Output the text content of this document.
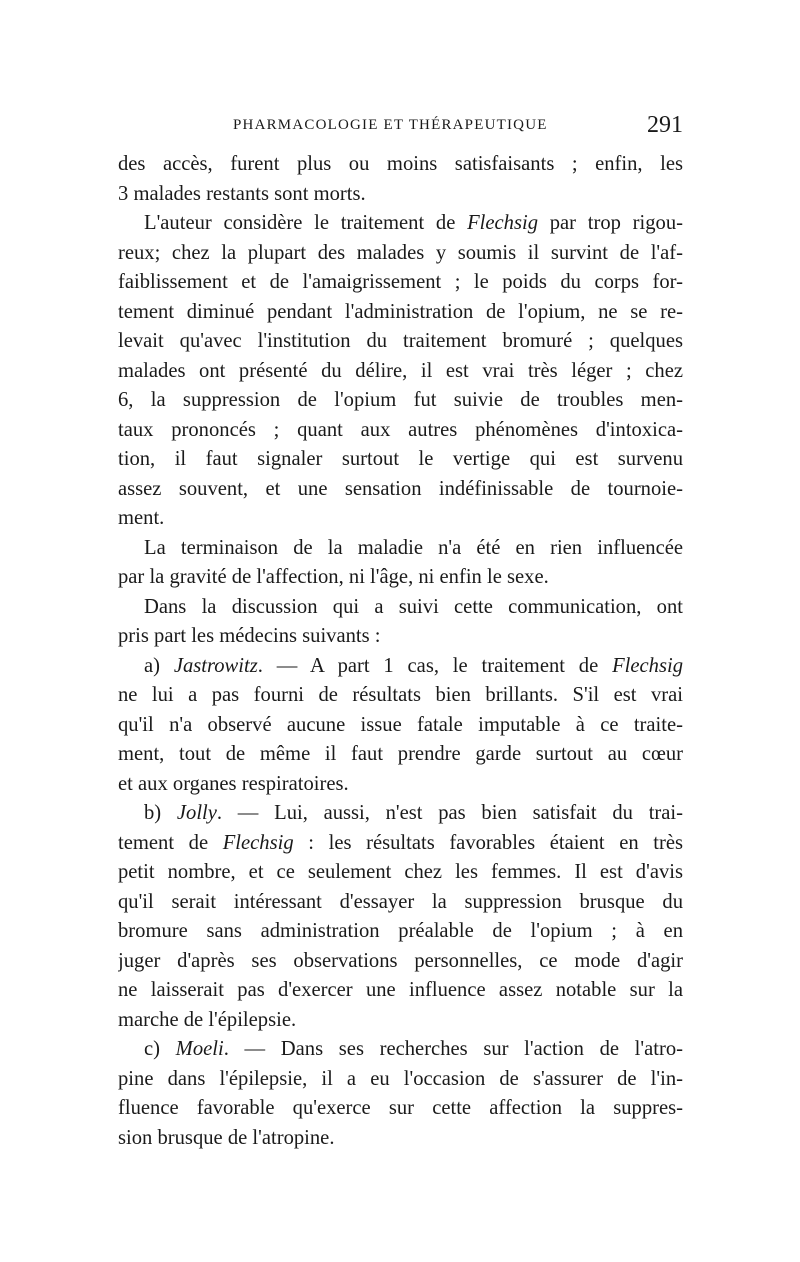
PHARMACOLOGIE ET THÉRAPEUTIQUE	291
des accès, furent plus ou moins satisfaisants ; enfin, les
3 malades restants sont morts.
L'auteur considère le traitement de Flechsig par trop rigou-
reux; chez la plupart des malades y soumis il survint de l'af-
faiblissement et de l'amaigrissement ; le poids du corps for-
tement diminué pendant l'administration de l'opium, ne se re-
levait qu'avec l'institution du traitement bromuré ; quelques
malades ont présenté du délire, il est vrai très léger ; chez
6, la suppression de l'opium fut suivie de troubles men-
taux prononcés ; quant aux autres phénomènes d'intoxica-
tion, il faut signaler surtout le vertige qui est survenu
assez souvent, et une sensation indéfinissable de tournoie-
ment.
La terminaison de la maladie n'a été en rien influencée
par la gravité de l'affection, ni l'âge, ni enfin le sexe.
Dans la discussion qui a suivi cette communication, ont
pris part les médecins suivants :
a) Jastrowitz. — A part 1 cas, le traitement de Flechsig
ne lui a pas fourni de résultats bien brillants. S'il est vrai
qu'il n'a observé aucune issue fatale imputable à ce traite-
ment, tout de même il faut prendre garde surtout au cœur
et aux organes respiratoires.
b) Jolly. — Lui, aussi, n'est pas bien satisfait du trai-
tement de Flechsig : les résultats favorables étaient en très
petit nombre, et ce seulement chez les femmes. Il est d'avis
qu'il serait intéressant d'essayer la suppression brusque du
bromure sans administration préalable de l'opium ; à en
juger d'après ses observations personnelles, ce mode d'agir
ne laisserait pas d'exercer une influence assez notable sur la
marche de l'épilepsie.
c) Moeli. — Dans ses recherches sur l'action de l'atro-
pine dans l'épilepsie, il a eu l'occasion de s'assurer de l'in-
fluence favorable qu'exerce sur cette affection la suppres-
sion brusque de l'atropine.
